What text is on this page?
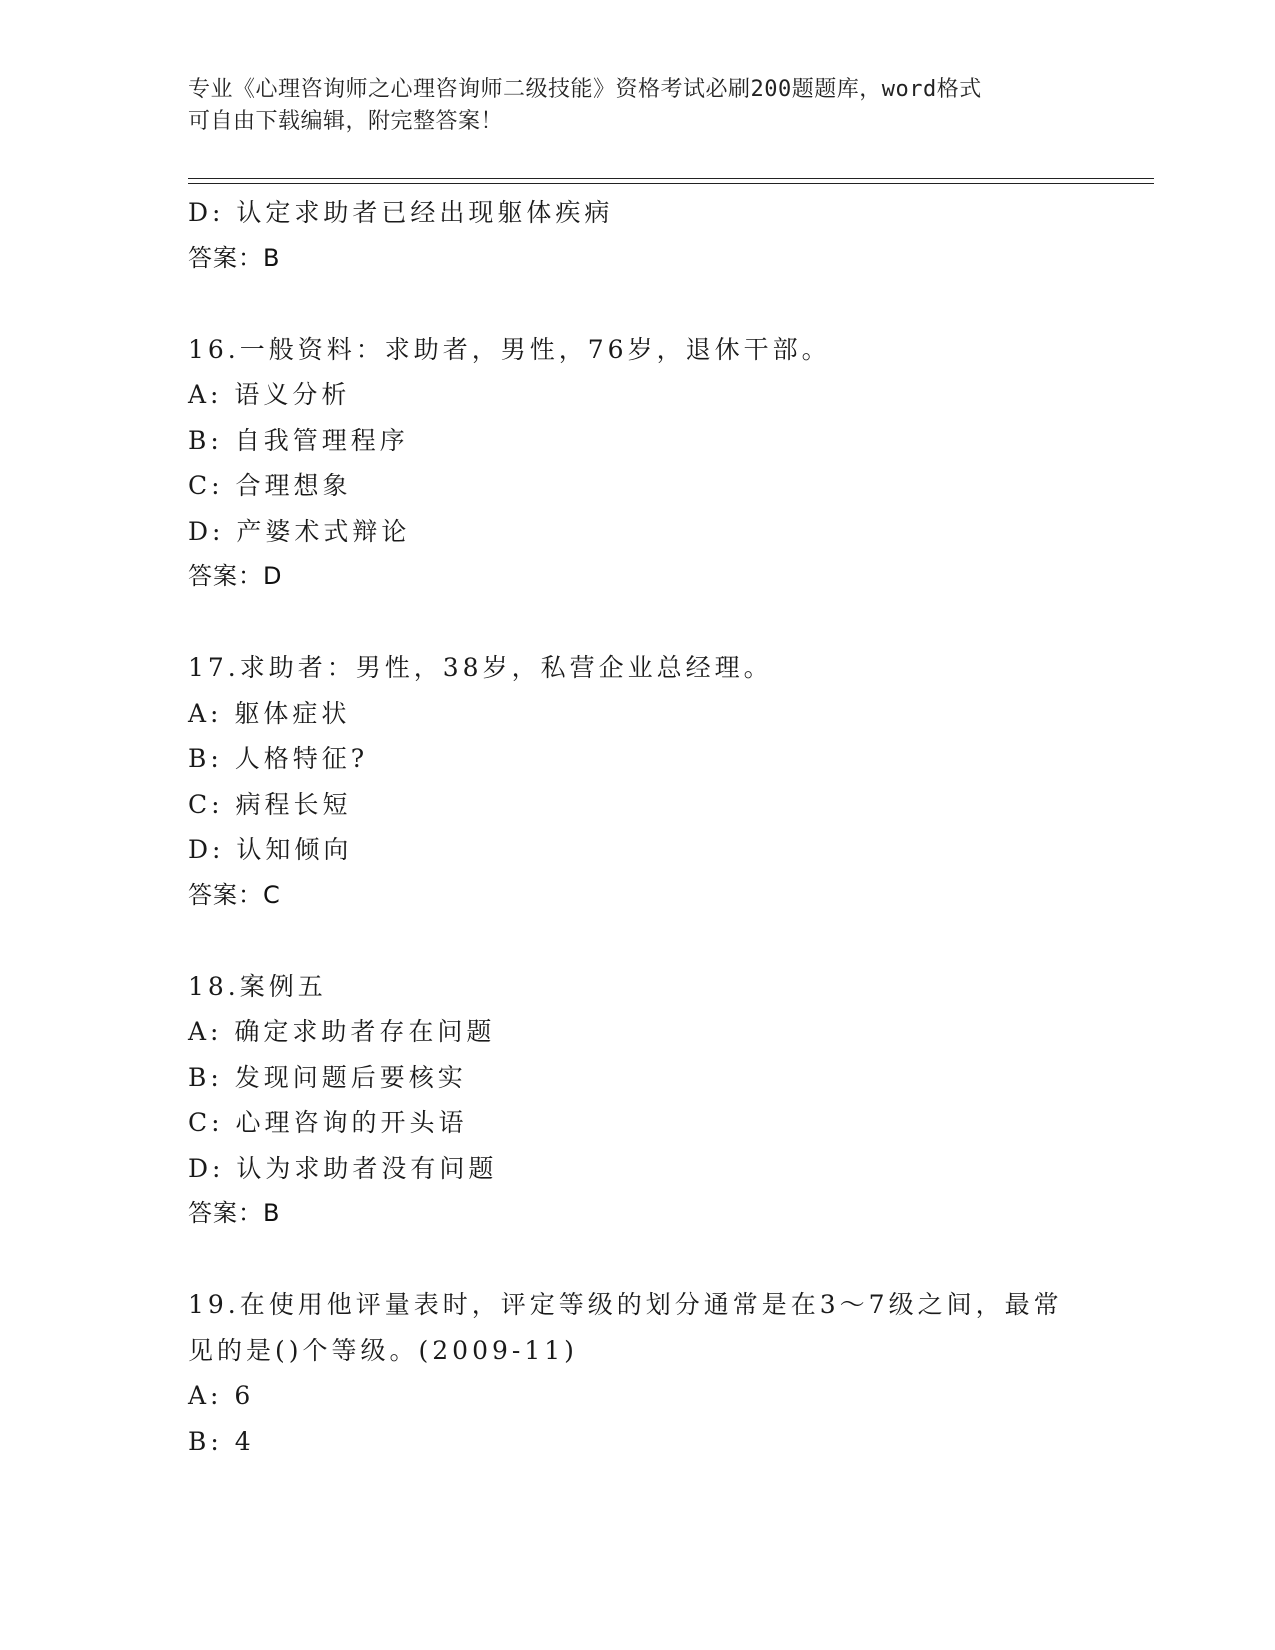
专业《心理咨询师之心理咨询师二级技能》资格考试必刷200题题库，word格式
可自由下载编辑，附完整答案！
D: 认定求助者已经出现躯体疾病
答案：B
16.一般资料：求助者，男性，76岁，退休干部。
A: 语义分析
B: 自我管理程序
C: 合理想象
D: 产婆术式辩论
答案：D
17.求助者：男性，38岁，私营企业总经理。
A: 躯体症状
B: 人格特征?
C: 病程长短
D: 认知倾向
答案：C
18.案例五
A: 确定求助者存在问题
B: 发现问题后要核实
C: 心理咨询的开头语
D: 认为求助者没有问题
答案：B
19.在使用他评量表时，评定等级的划分通常是在3～7级之间，最常
见的是()个等级。(2009-11)
A: 6
B: 4
